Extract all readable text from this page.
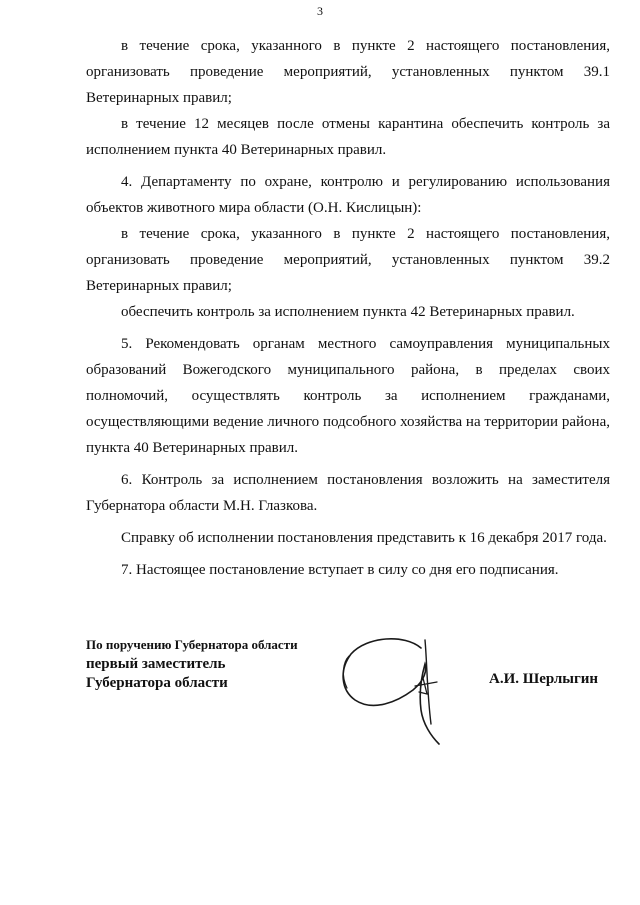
3

в течение срока, указанного в пункте 2 настоящего постановления, организовать проведение мероприятий, установленных пунктом 39.1 Ветеринарных правил;

в течение 12 месяцев после отмены карантина обеспечить контроль за исполнением пункта 40 Ветеринарных правил.

4. Департаменту по охране, контролю и регулированию использования объектов животного мира области (О.Н. Кислицын):

в течение срока, указанного в пункте 2 настоящего постановления, организовать проведение мероприятий, установленных пунктом 39.2 Ветеринарных правил;

обеспечить контроль за исполнением пункта 42 Ветеринарных правил.

5. Рекомендовать органам местного самоуправления муниципальных образований Вожегодского муниципального района, в пределах своих полномочий, осуществлять контроль за исполнением гражданами, осуществляющими ведение личного подсобного хозяйства на территории района, пункта 40 Ветеринарных правил.

6. Контроль за исполнением постановления возложить на заместителя Губернатора области М.Н. Глазкова.

Справку об исполнении постановления представить к 16 декабря 2017 года.

7. Настоящее постановление вступает в силу со дня его подписания.

По поручению Губернатора области
первый заместитель
Губернатора области	А.И. Шерлыгин
